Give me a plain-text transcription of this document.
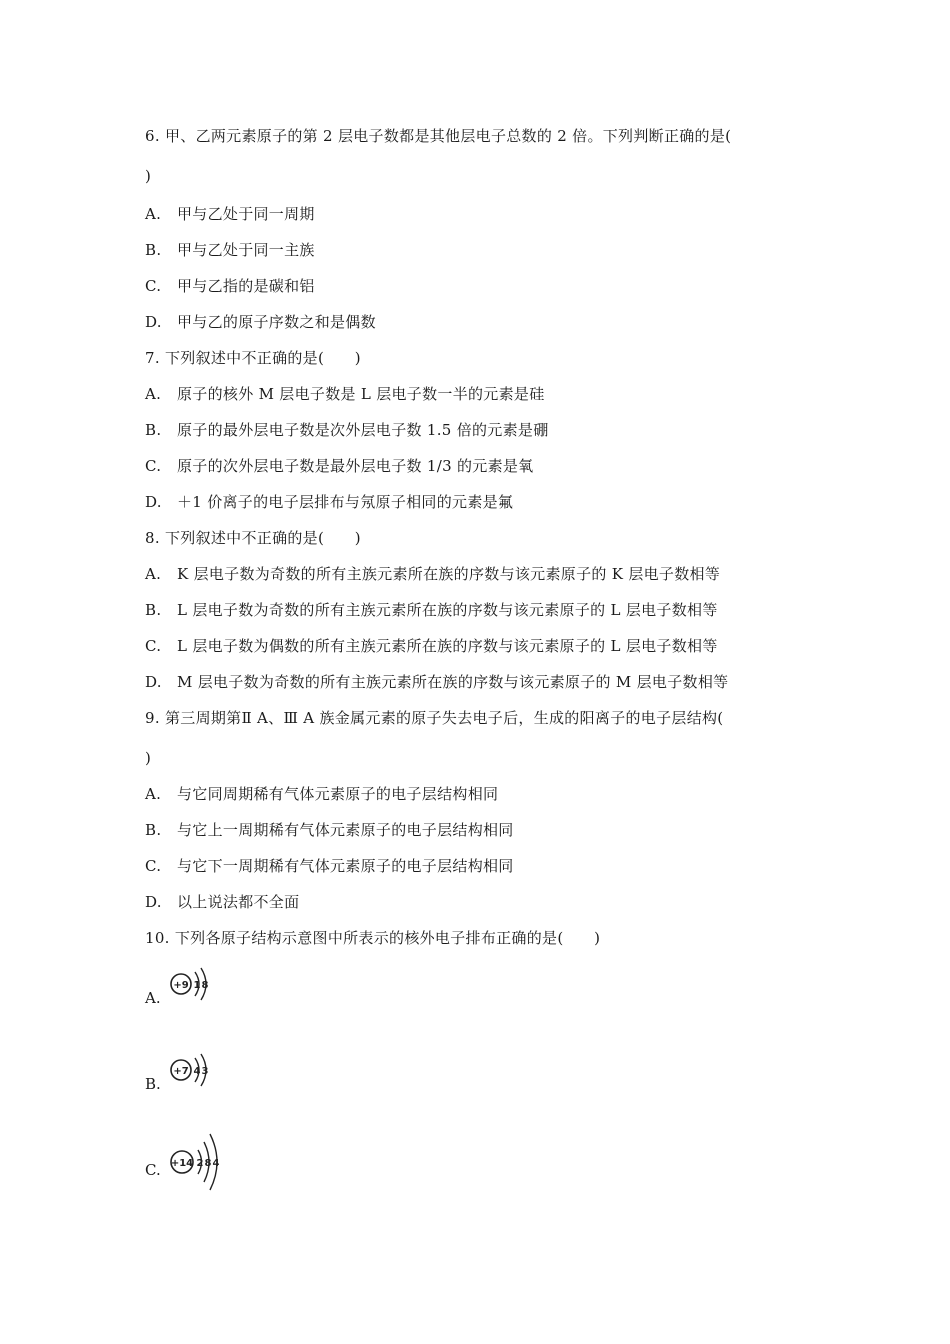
6. 甲、乙两元素原子的第 2 层电子数都是其他层电子总数的 2 倍。下列判断正确的是(
)
A. 甲与乙处于同一周期
B. 甲与乙处于同一主族
C. 甲与乙指的是碳和铝
D. 甲与乙的原子序数之和是偶数
7. 下列叙述中不正确的是(　　)
A. 原子的核外 M 层电子数是 L 层电子数一半的元素是硅
B. 原子的最外层电子数是次外层电子数 1.5 倍的元素是硼
C. 原子的次外层电子数是最外层电子数 1/3 的元素是氧
D. ＋1 价离子的电子层排布与氖原子相同的元素是氟
8. 下列叙述中不正确的是(　　)
A. K 层电子数为奇数的所有主族元素所在族的序数与该元素原子的 K 层电子数相等
B. L 层电子数为奇数的所有主族元素所在族的序数与该元素原子的 L 层电子数相等
C. L 层电子数为偶数的所有主族元素所在族的序数与该元素原子的 L 层电子数相等
D. M 层电子数为奇数的所有主族元素所在族的序数与该元素原子的 M 层电子数相等
9. 第三周期第Ⅱ A、Ⅲ A 族金属元素的原子失去电子后，生成的阳离子的电子层结构(
)
A. 与它同周期稀有气体元素原子的电子层结构相同
B. 与它上一周期稀有气体元素原子的电子层结构相同
C. 与它下一周期稀有气体元素原子的电子层结构相同
D. 以上说法都不全面
10. 下列各原子结构示意图中所表示的核外电子排布正确的是(　　)
A.
+9 1 8
B.
+7 4 3
C. +14 2 8 4
